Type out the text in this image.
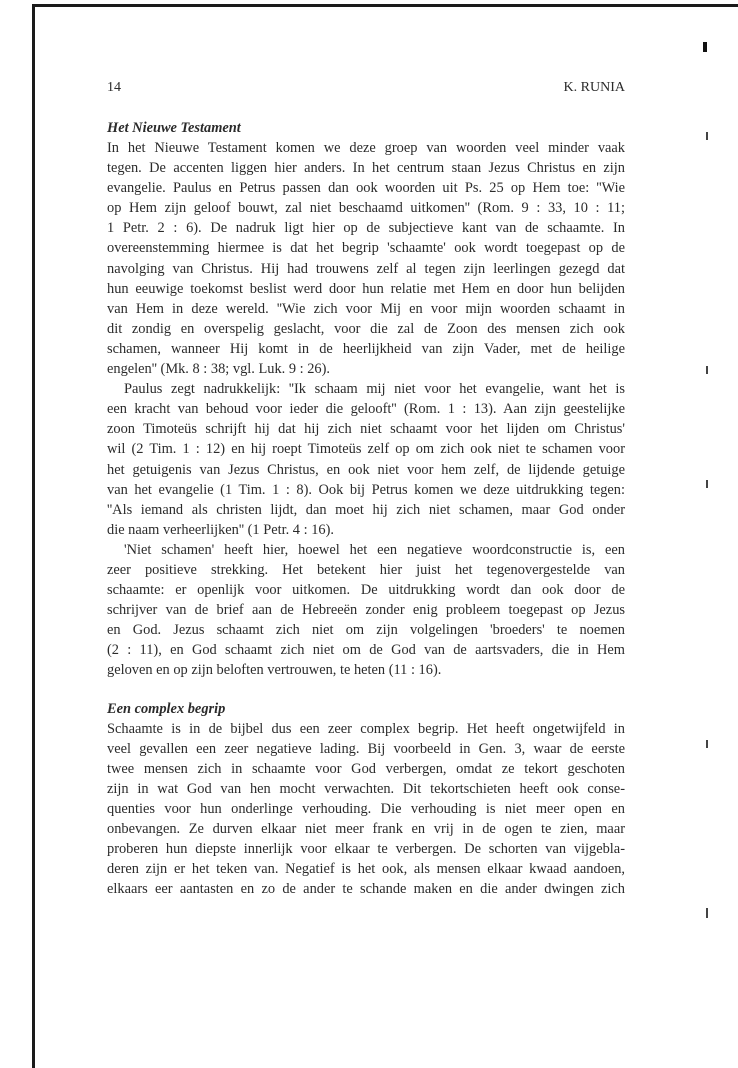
14	K. RUNIA
Het Nieuwe Testament
In het Nieuwe Testament komen we deze groep van woorden veel minder vaak
tegen. De accenten liggen hier anders. In het centrum staan Jezus Christus en zijn
evangelie. Paulus en Petrus passen dan ook woorden uit Ps. 25 op Hem toe: ''Wie
op Hem zijn geloof bouwt, zal niet beschaamd uitkomen'' (Rom. 9 : 33, 10 : 11;
1 Petr. 2 : 6). De nadruk ligt hier op de subjectieve kant van de schaamte. In
overeenstemming hiermee is dat het begrip 'schaamte' ook wordt toegepast op de
navolging van Christus. Hij had trouwens zelf al tegen zijn leerlingen gezegd dat
hun eeuwige toekomst beslist werd door hun relatie met Hem en door hun belijden
van Hem in deze wereld. ''Wie zich voor Mij en voor mijn woorden schaamt in
dit zondig en overspelig geslacht, voor die zal de Zoon des mensen zich ook
schamen, wanneer Hij komt in de heerlijkheid van zijn Vader, met de heilige
engelen'' (Mk. 8 : 38; vgl. Luk. 9 : 26).
Paulus zegt nadrukkelijk: ''Ik schaam mij niet voor het evangelie, want het is
een kracht van behoud voor ieder die gelooft'' (Rom. 1 : 13). Aan zijn geestelijke
zoon Timoteüs schrijft hij dat hij zich niet schaamt voor het lijden om Christus'
wil (2 Tim. 1 : 12) en hij roept Timoteüs zelf op om zich ook niet te schamen voor
het getuigenis van Jezus Christus, en ook niet voor hem zelf, de lijdende getuige
van het evangelie (1 Tim. 1 : 8). Ook bij Petrus komen we deze uitdrukking tegen:
''Als iemand als christen lijdt, dan moet hij zich niet schamen, maar God onder
die naam verheerlijken'' (1 Petr. 4 : 16).
'Niet schamen' heeft hier, hoewel het een negatieve woordconstructie is, een
zeer positieve strekking. Het betekent hier juist het tegenovergestelde van
schaamte: er openlijk voor uitkomen. De uitdrukking wordt dan ook door de
schrijver van de brief aan de Hebreeën zonder enig probleem toegepast op Jezus
en God. Jezus schaamt zich niet om zijn volgelingen 'broeders' te noemen
(2 : 11), en God schaamt zich niet om de God van de aartsvaders, die in Hem
geloven en op zijn beloften vertrouwen, te heten (11 : 16).
Een complex begrip
Schaamte is in de bijbel dus een zeer complex begrip. Het heeft ongetwijfeld in
veel gevallen een zeer negatieve lading. Bij voorbeeld in Gen. 3, waar de eerste
twee mensen zich in schaamte voor God verbergen, omdat ze tekort geschoten
zijn in wat God van hen mocht verwachten. Dit tekortschieten heeft ook conse-
quenties voor hun onderlinge verhouding. Die verhouding is niet meer open en
onbevangen. Ze durven elkaar niet meer frank en vrij in de ogen te zien, maar
proberen hun diepste innerlijk voor elkaar te verbergen. De schorten van vijgebla-
deren zijn er het teken van. Negatief is het ook, als mensen elkaar kwaad aandoen,
elkaars eer aantasten en zo de ander te schande maken en die ander dwingen zich
